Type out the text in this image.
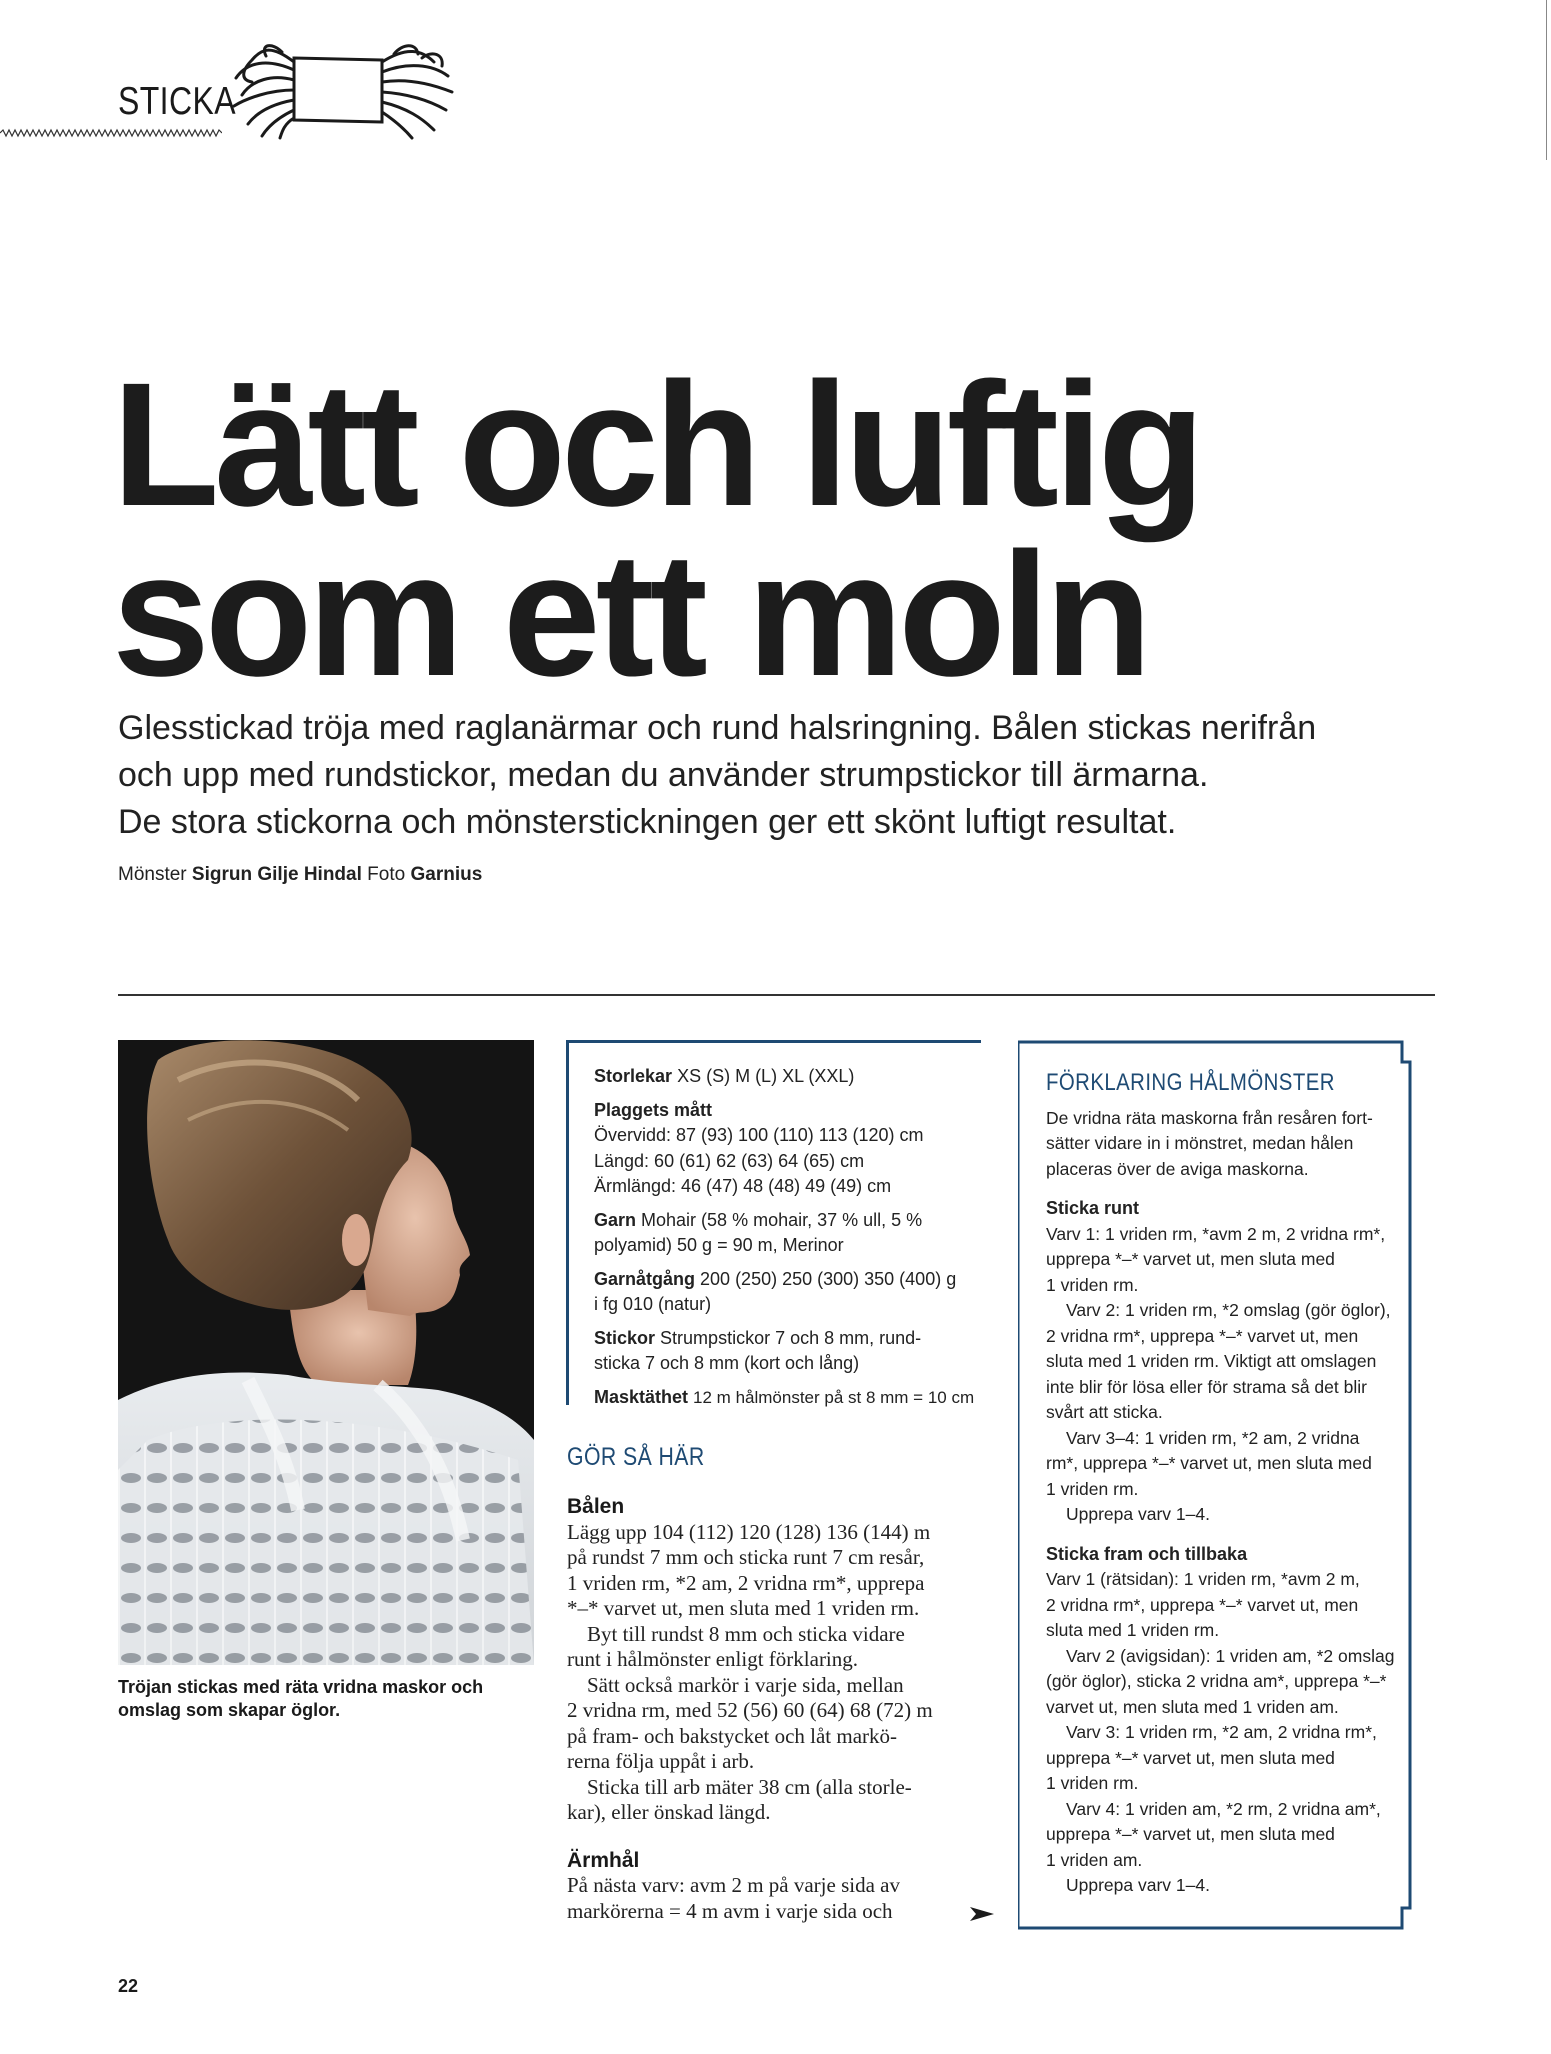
STICKA
Lätt och luftig
som ett moln
Glesstickad tröja med raglanärmar och rund halsringning. Bålen stickas nerifrån
och upp med rundstickor, medan du använder strumpstickor till ärmarna.
De stora stickorna och mönsterstickningen ger ett skönt luftigt resultat.
Mönster Sigrun Gilje Hindal Foto Garnius
Tröjan stickas med räta vridna maskor och
omslag som skapar öglor.

Storlekar XS (S) M (L) XL (XXL)

Plaggets mått
Övervidd: 87 (93) 100 (110) 113 (120) cm
Längd: 60 (61) 62 (63) 64 (65) cm
Ärmlängd: 46 (47) 48 (48) 49 (49) cm

Garn Mohair (58 % mohair, 37 % ull, 5 %
polyamid) 50 g = 90 m, Merinor

Garnåtgång 200 (250) 250 (300) 350 (400) g
i fg 010 (natur)

Stickor Strumpstickor 7 och 8 mm, rund-
sticka 7 och 8 mm (kort och lång)

Masktäthet 12 m hålmönster på st 8 mm = 10 cm

GÖR SÅ HÄR
Bålen
Lägg upp 104 (112) 120 (128) 136 (144) m
på rundst 7 mm och sticka runt 7 cm resår,
1 vriden rm, *2 am, 2 vridna rm*, upprepa
*–* varvet ut, men sluta med 1 vriden rm.
Byt till rundst 8 mm och sticka vidare
runt i hålmönster enligt förklaring.
Sätt också markör i varje sida, mellan
2 vridna rm, med 52 (56) 60 (64) 68 (72) m
på fram- och bakstycket och låt markö-
rerna följa uppåt i arb.
Sticka till arb mäter 38 cm (alla storle-
kar), eller önskad längd.
Ärmhål
På nästa varv: avm 2 m på varje sida av
markörerna = 4 m avm i varje sida och
FÖRKLARING HÅLMÖNSTER
De vridna räta maskorna från resåren fort-
sätter vidare in i mönstret, medan hålen
placeras över de aviga maskorna.
Sticka runt
Varv 1: 1 vriden rm, *avm 2 m, 2 vridna rm*,
upprepa *–* varvet ut, men sluta med
1 vriden rm.
Varv 2: 1 vriden rm, *2 omslag (gör öglor),
2 vridna rm*, upprepa *–* varvet ut, men
sluta med 1 vriden rm. Viktigt att omslagen
inte blir för lösa eller för strama så det blir
svårt att sticka.
Varv 3–4: 1 vriden rm, *2 am, 2 vridna
rm*, upprepa *–* varvet ut, men sluta med
1 vriden rm.
Upprepa varv 1–4.
Sticka fram och tillbaka
Varv 1 (rätsidan): 1 vriden rm, *avm 2 m,
2 vridna rm*, upprepa *–* varvet ut, men
sluta med 1 vriden rm.
Varv 2 (avigsidan): 1 vriden am, *2 omslag
(gör öglor), sticka 2 vridna am*, upprepa *–*
varvet ut, men sluta med 1 vriden am.
Varv 3: 1 vriden rm, *2 am, 2 vridna rm*,
upprepa *–* varvet ut, men sluta med
1 vriden rm.
Varv 4: 1 vriden am, *2 rm, 2 vridna am*,
upprepa *–* varvet ut, men sluta med
1 vriden am.
Upprepa varv 1–4.
22
